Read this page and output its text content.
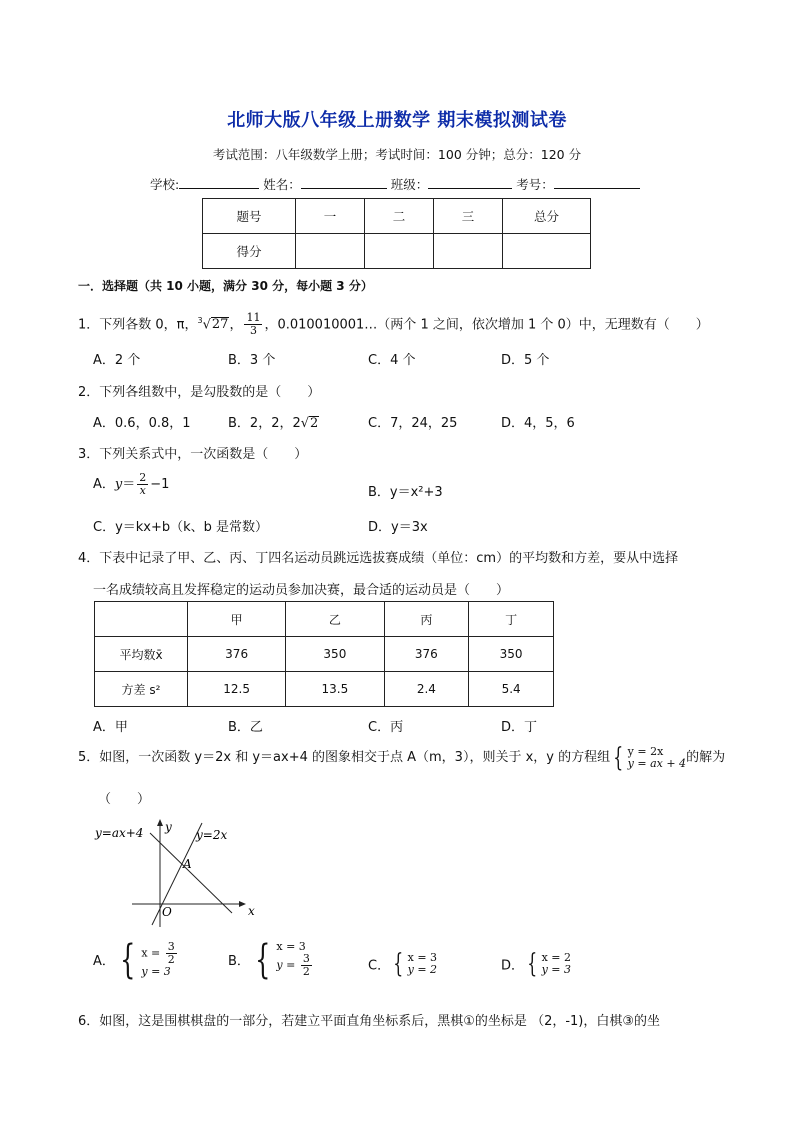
北师大版八年级上册数学 期末模拟测试卷
考试范围：八年级数学上册；考试时间：100 分钟；总分：120 分
学校:	姓名：	班级：	考号：
题号	一	二	三	总分
得分				
一．选择题（共 10 小题，满分 30 分，每小题 3 分）
1．下列各数 0，π，$^3$√27， $\frac{11}{3}$ ，0.010010001…（两个 1 之间，依次增加 1 个 0）中，无理数有（　　）
A．2 个	B．3 个	C．4 个	D．5 个
2．下列各组数中，是勾股数的是（　　）
A．0.6，0.8，1	B．2，2，2√2	C．7，24，25	D．4，5，6
3．下列关系式中，一次函数是（　　）
A．$y= \frac{2}{x} -1$
B．y＝x²+3
C．y＝kx+b（k、b 是常数）	D．y＝3x
4．下表中记录了甲、乙、丙、丁四名运动员跳远选拔赛成绩（单位：cm）的平均数和方差，要从中选择
一名成绩较高且发挥稳定的运动员参加决赛，最合适的运动员是（　　）
	甲	乙	丙	丁
平均数x̄	376	350	376	350
方差 s²	12.5	13.5	2.4	5.4
A．甲	B．乙	C．丙	D．丁
5．如图，一次函数 y＝2x 和 y＝ax+4 的图象相交于点 A（m，3），则关于 x，y 的方程组 { y = 2x
y = ax + 4 的解为
（　　）
y=ax+4	y=2x
y
x
O
A
A． { $x = \frac{3}{2}$
y = 3
B． { x = 3
$y = \frac{3}{2}$	C． { x = 3
y = 2	D． { x = 2
y = 3
6．如图，这是围棋棋盘的一部分，若建立平面直角坐标系后，黑棋①的坐标是 （2，-1)，白棋③的坐
